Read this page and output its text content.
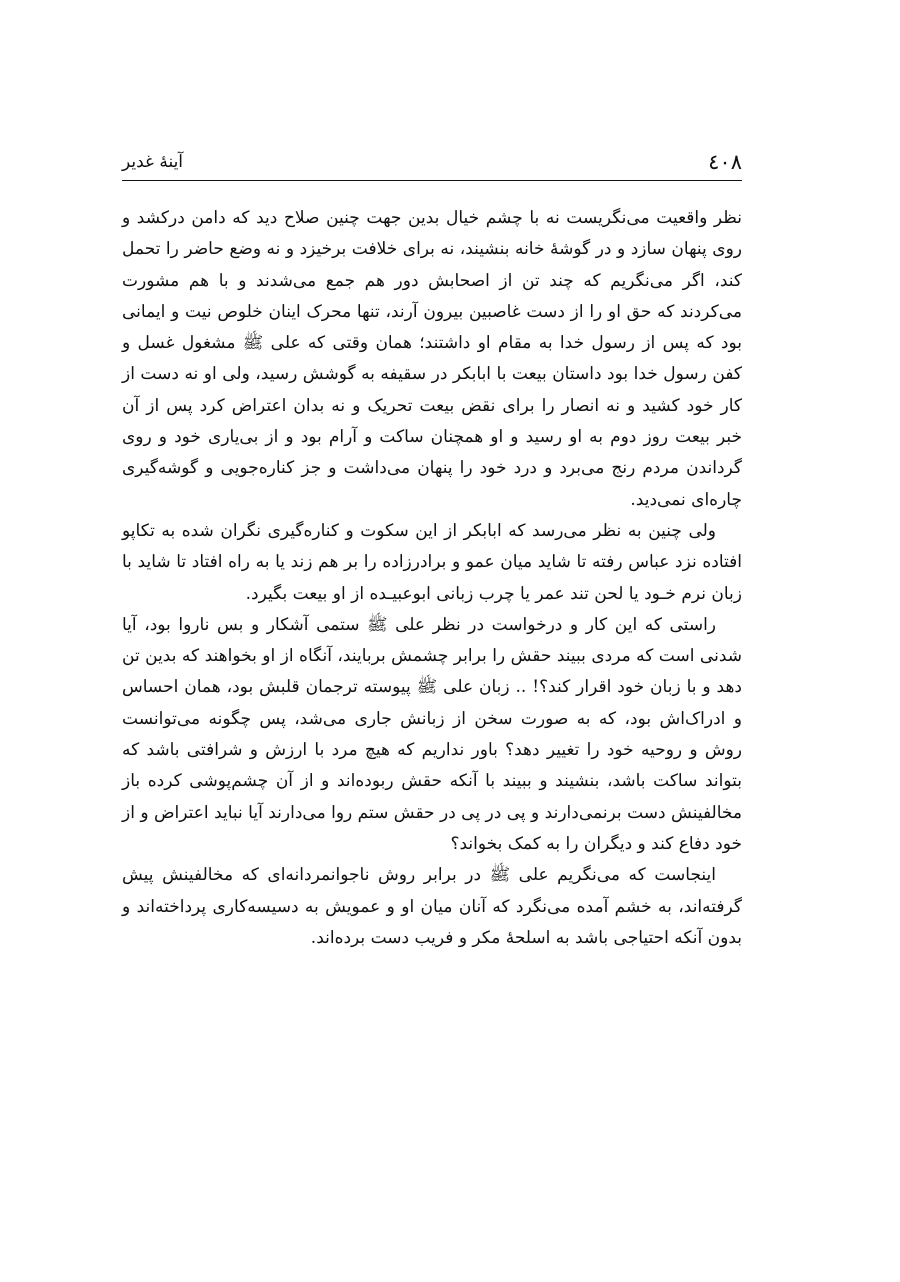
٤٠٨
آینهٔ غدیر

نظر واقعیت می‌نگریست نه با چشم خیال بدین جهت چنین صلاح دید که دامن درکشد و روی پنهان سازد و در گوشهٔ خانه بنشیند، نه برای خلافت برخیزد و نه وضع حاضر را تحمل کند، اگر می‌نگریم که چند تن از اصحابش دور هم جمع می‌شدند و با هم مشورت می‌کردند که حق او را از دست غاصبین بیرون آرند، تنها محرک اینان خلوص نیت و ایمانی بود که پس از رسول خدا به مقام او داشتند؛ همان وقتی که علی ﷺ مشغول غسل و کفن رسول خدا بود داستان بیعت با ابابکر در سقیفه به گوشش رسید، ولی او نه دست از کار خود کشید و نه انصار را برای نقض بیعت تحریک و نه بدان اعتراض کرد پس از آن خبر بیعت روز دوم به او رسید و او همچنان ساکت و آرام بود و از بی‌یاری خود و روی گرداندن مردم رنج می‌برد و درد خود را پنهان می‌داشت و جز کناره‌جویی و گوشه‌گیری چاره‌ای نمی‌دید.

ولی چنین به نظر می‌رسد که ابابکر از این سکوت و کناره‌گیری نگران شده به تکاپو افتاده نزد عباس رفته تا شاید میان عمو و برادرزاده را بر هم زند یا به راه افتاد تا شاید با زبان نرم خـود یا لحن تند عمر یا چرب زبانی ابوعبیـده از او بیعت بگیرد.

راستی که این کار و درخواست در نظر علی ﷺ ستمی آشکار و بس ناروا بود، آیا شدنی است که مردی ببیند حقش را برابر چشمش بربایند، آنگاه از او بخواهند که بدین تن دهد و با زبان خود اقرار کند؟! .. زبان علی ﷺ پیوسته ترجمان قلبش بود، همان احساس و ادراک‌اش بود، که به صورت سخن از زبانش جاری می‌شد، پس چگونه می‌توانست روش و روحیه خود را تغییر دهد؟ باور نداریم که هیچ مرد با ارزش و شرافتی باشد که بتواند ساکت باشد، بنشیند و ببیند با آنکه حقش ربوده‌اند و از آن چشم‌پوشی کرده باز مخالفینش دست برنمی‌دارند و پی در پی در حقش ستم روا می‌دارند آیا نباید اعتراض و از خود دفاع کند و دیگران را به کمک بخواند؟

اینجاست که می‌نگریم علی ﷺ در برابر روش ناجوانمردانه‌ای که مخالفینش پیش گرفته‌اند، به خشم آمده می‌نگرد که آنان میان او و عمویش به دسیسه‌کاری پرداخته‌اند و بدون آنکه احتیاجی باشد به اسلحهٔ مکر و فریب دست برده‌اند.
